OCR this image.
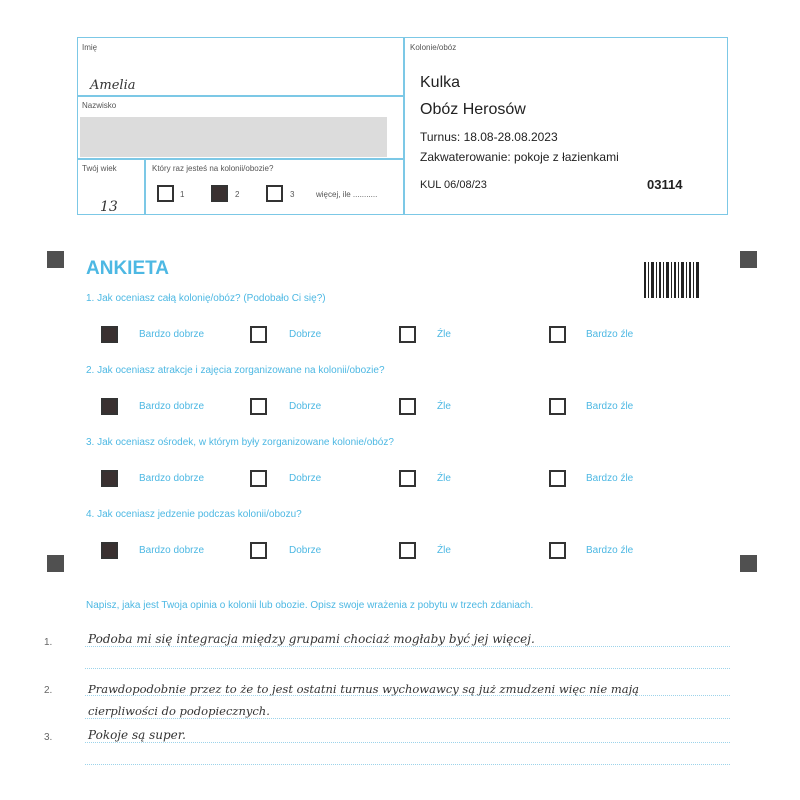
Imię
Amelia
Nazwisko
Twój wiek
13
Który raz jesteś na kolonii/obozie?
1	2	3	więcej, ile ...........
Kolonie/obóz
Kulka
Obóz Herosów
Turnus: 18.08-28.08.2023
Zakwaterowanie: pokoje z łazienkami
KUL 06/08/23	03114
ANKIETA
1. Jak oceniasz całą kolonię/obóz? (Podobało Ci się?)
Bardzo dobrze	Dobrze	Źle	Bardzo źle
2. Jak oceniasz atrakcje i zajęcia zorganizowane na kolonii/obozie?
Bardzo dobrze	Dobrze	Źle	Bardzo źle
3. Jak oceniasz ośrodek, w którym były zorganizowane kolonie/obóz?
Bardzo dobrze	Dobrze	Źle	Bardzo źle
4. Jak oceniasz jedzenie podczas kolonii/obozu?
Bardzo dobrze	Dobrze	Źle	Bardzo źle
Napisz, jaka jest Twoja opinia o kolonii lub obozie. Opisz swoje wrażenia z pobytu w trzech zdaniach.
1.	Podoba mi się integracja między grupami chociaż mogłaby być jej więcej.
2.	Prawdopodobnie przez to że to jest ostatni turnus wychowawcy są już zmudzeni więc nie mają
cierpliwości do podopiecznych.
3.	Pokoje są super.
